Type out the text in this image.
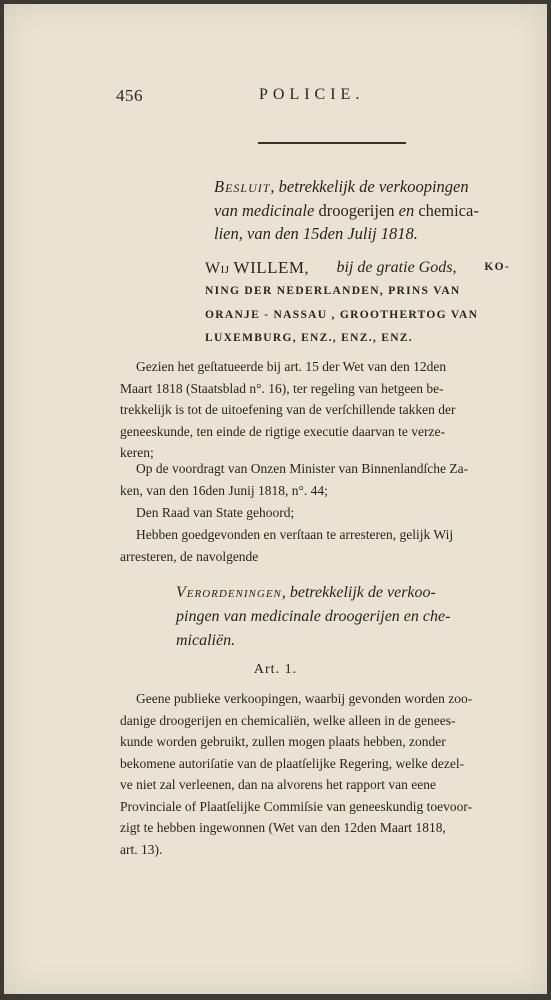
456	POLICIE.
Besluit, betrekkelijk de verkoopingen
van medicinale droogerijen en chemica-
lien, van den 15den Julij 1818.
Wij WILLEM, bij de gratie Gods, KO-
NING DER NEDERLANDEN, PRINS VAN
ORANJE - NASSAU , GROOTHERTOG VAN
LUXEMBURG, ENZ., ENZ., ENZ.
Gezien het geſtatueerde bij art. 15 der Wet van den 12den
Maart 1818 (Staatsblad n°. 16), ter regeling van hetgeen be-
trekkelijk is tot de uitoefening van de verſchillende takken der
geneeskunde, ten einde de rigtige executie daarvan te verze-
keren;
Op de voordragt van Onzen Minister van Binnenlandſche Za-
ken, van den 16den Junij 1818, n°. 44;
Den Raad van State gehoord;
Hebben goedgevonden en verſtaan te arresteren, gelijk Wij
arresteren, de navolgende
Verordeningen, betrekkelijk de verkoo-
pingen van medicinale droogerijen en che-
micaliën.
Art. 1.
Geene publieke verkoopingen, waarbij gevonden worden zoo-
danige droogerijen en chemicaliën, welke alleen in de genees-
kunde worden gebruikt, zullen mogen plaats hebben, zonder
bekomene autoriſatie van de plaatſelijke Regering, welke dezel-
ve niet zal verleenen, dan na alvorens het rapport van eene
Provinciale of Plaatſelijke Commiſsie van geneeskundig toevoor-
zigt te hebben ingewonnen (Wet van den 12den Maart 1818,
art. 13).
